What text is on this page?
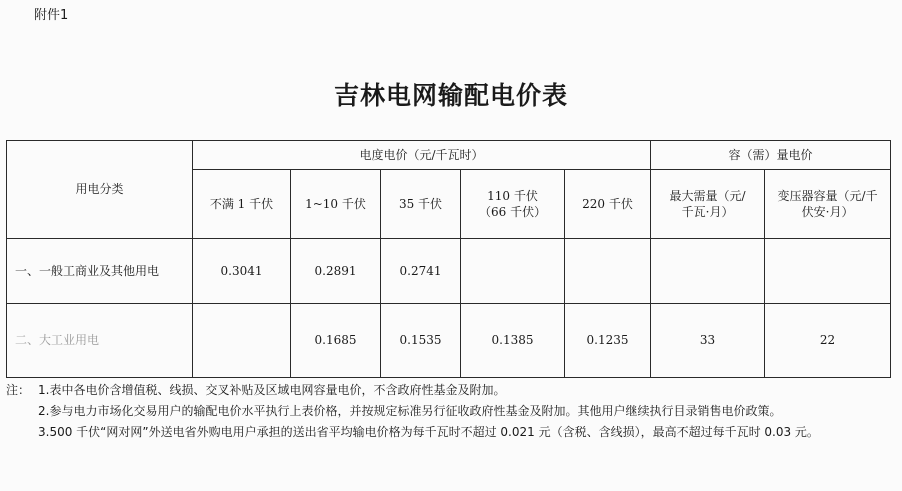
附件1
吉林电网输配电价表
用电分类	电度电价（元/千瓦时）					容（需）量电价	
	不满 1 千伏	1~10 千伏	35 千伏	110 千伏（66 千伏）	220 千伏	最大需量（元/千瓦·月）	变压器容量（元/千伏安·月）
一、一般工商业及其他用电	0.3041	0.2891	0.2741				
二、大工业用电		0.1685	0.1535	0.1385	0.1235	33	22
注： 1.表中各电价含增值税、线损、交叉补贴及区域电网容量电价，不含政府性基金及附加。
2.参与电力市场化交易用户的输配电价水平执行上表价格，并按规定标准另行征收政府性基金及附加。其他用户继续执行目录销售电价政策。
3.500 千伏“网对网”外送电省外购电用户承担的送出省平均输电价格为每千瓦时不超过 0.021 元（含税、含线损），最高不超过每千瓦时 0.03 元。
